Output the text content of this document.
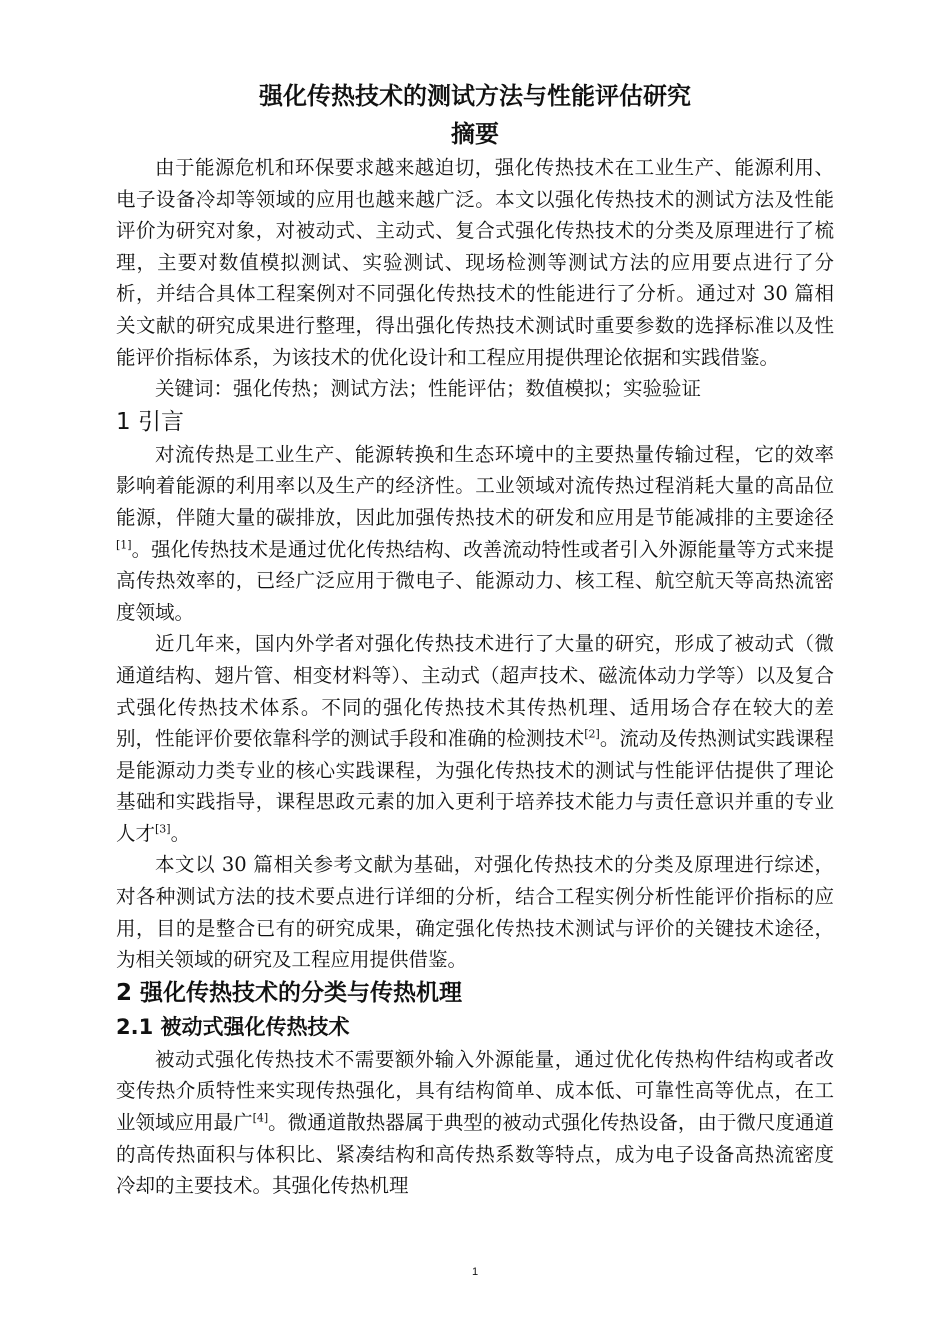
强化传热技术的测试方法与性能评估研究
摘要

由于能源危机和环保要求越来越迫切，强化传热技术在工业生产、能源利用、电子设备冷却等领域的应用也越来越广泛。本文以强化传热技术的测试方法及性能评价为研究对象，对被动式、主动式、复合式强化传热技术的分类及原理进行了梳理，主要对数值模拟测试、实验测试、现场检测等测试方法的应用要点进行了分析，并结合具体工程案例对不同强化传热技术的性能进行了分析。通过对 30 篇相关文献的研究成果进行整理，得出强化传热技术测试时重要参数的选择标准以及性能评价指标体系，为该技术的优化设计和工程应用提供理论依据和实践借鉴。

关键词：强化传热；测试方法；性能评估；数值模拟；实验验证

1 引言

对流传热是工业生产、能源转换和生态环境中的主要热量传输过程，它的效率影响着能源的利用率以及生产的经济性。工业领域对流传热过程消耗大量的高品位能源，伴随大量的碳排放，因此加强传热技术的研发和应用是节能减排的主要途径[1]。强化传热技术是通过优化传热结构、改善流动特性或者引入外源能量等方式来提高传热效率的，已经广泛应用于微电子、能源动力、核工程、航空航天等高热流密度领域。

近几年来，国内外学者对强化传热技术进行了大量的研究，形成了被动式（微通道结构、翅片管、相变材料等）、主动式（超声技术、磁流体动力学等）以及复合式强化传热技术体系。不同的强化传热技术其传热机理、适用场合存在较大的差别，性能评价要依靠科学的测试手段和准确的检测技术[2]。流动及传热测试实践课程是能源动力类专业的核心实践课程，为强化传热技术的测试与性能评估提供了理论基础和实践指导，课程思政元素的加入更利于培养技术能力与责任意识并重的专业人才[3]。

本文以 30 篇相关参考文献为基础，对强化传热技术的分类及原理进行综述，对各种测试方法的技术要点进行详细的分析，结合工程实例分析性能评价指标的应用，目的是整合已有的研究成果，确定强化传热技术测试与评价的关键技术途径，为相关领域的研究及工程应用提供借鉴。

2 强化传热技术的分类与传热机理
2.1 被动式强化传热技术

被动式强化传热技术不需要额外输入外源能量，通过优化传热构件结构或者改变传热介质特性来实现传热强化，具有结构简单、成本低、可靠性高等优点，在工业领域应用最广[4]。微通道散热器属于典型的被动式强化传热设备，由于微尺度通道的高传热面积与体积比、紧凑结构和高传热系数等特点，成为电子设备高热流密度冷却的主要技术。其强化传热机理

1
